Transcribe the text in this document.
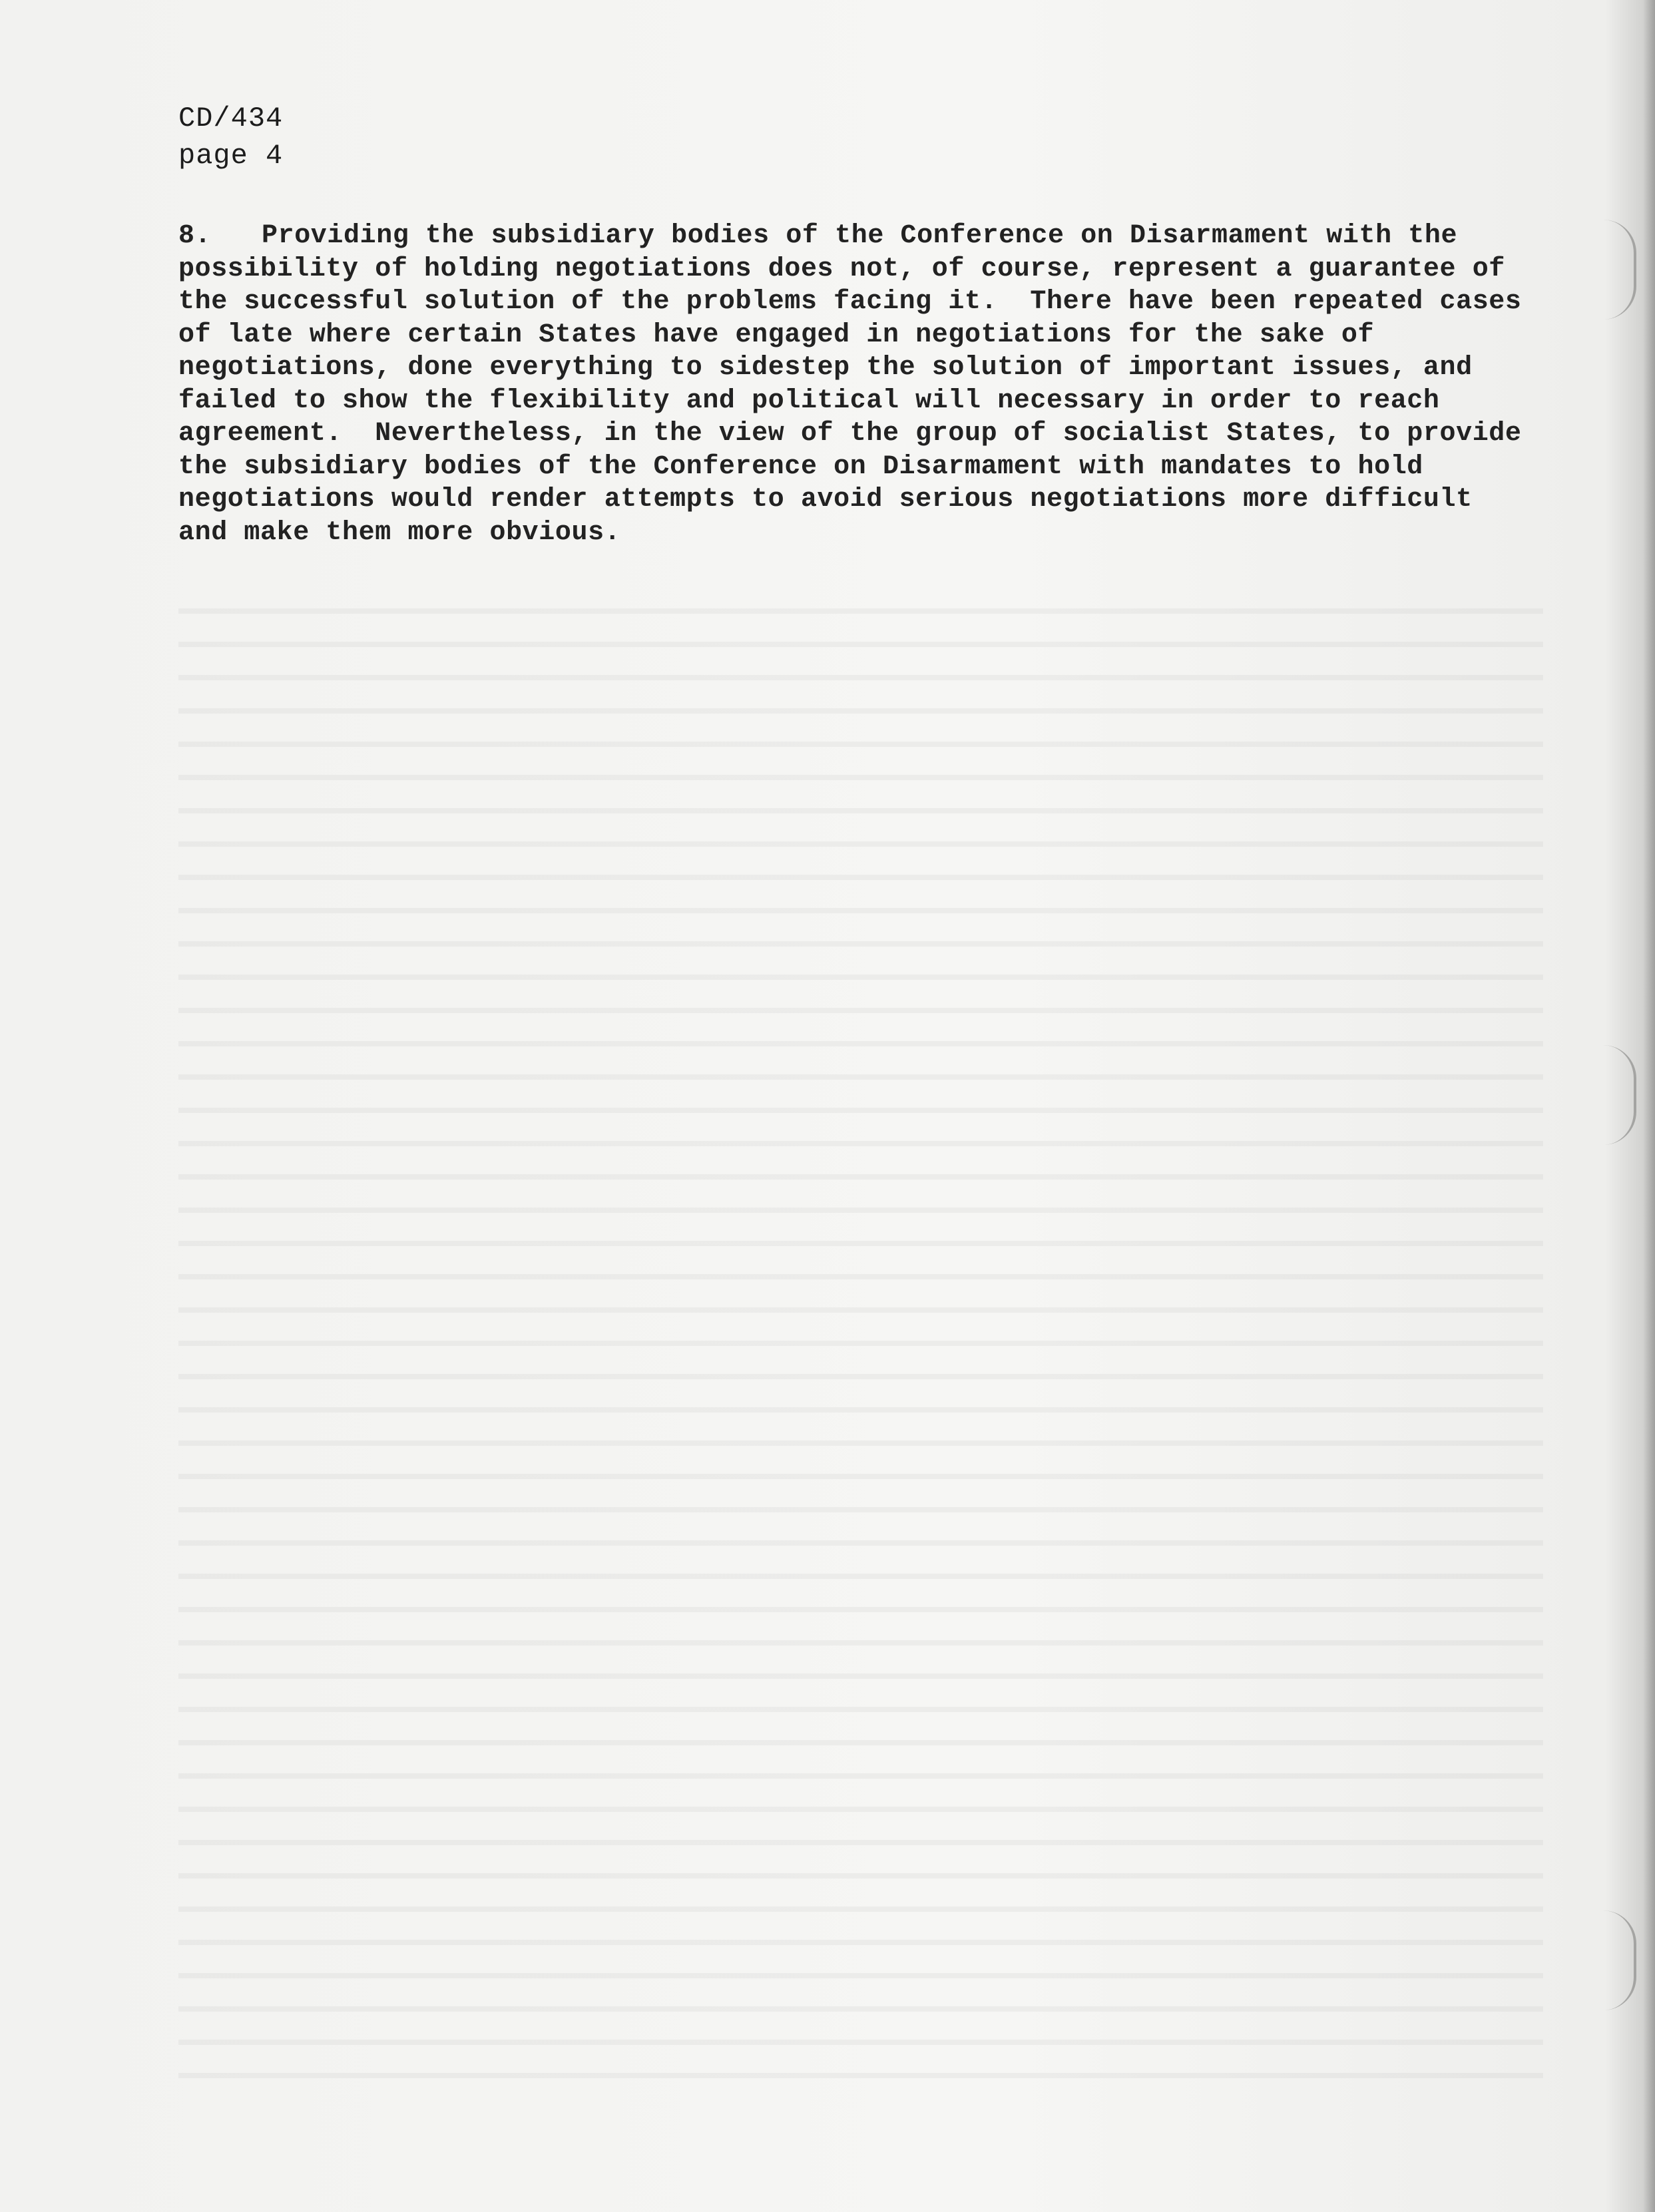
CD/434
page 4
8. Providing the subsidiary bodies of the Conference on Disarmament with the
possibility of holding negotiations does not, of course, represent a guarantee of
the successful solution of the problems facing it.  There have been repeated cases
of late where certain States have engaged in negotiations for the sake of
negotiations, done everything to sidestep the solution of important issues, and
failed to show the flexibility and political will necessary in order to reach
agreement.  Nevertheless, in the view of the group of socialist States, to provide
the subsidiary bodies of the Conference on Disarmament with mandates to hold
negotiations would render attempts to avoid serious negotiations more difficult
and make them more obvious.
